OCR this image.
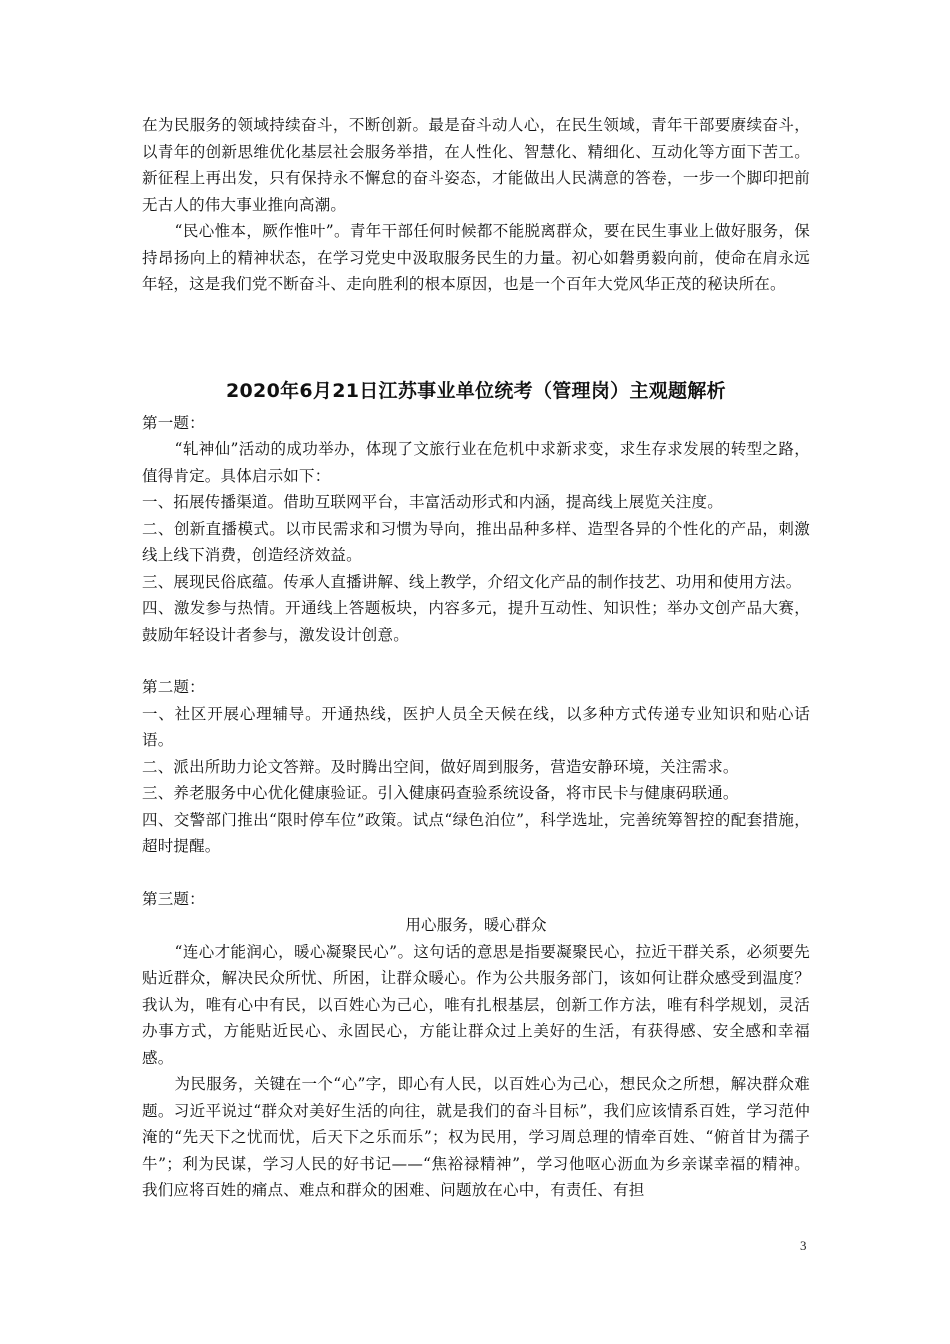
在为民服务的领域持续奋斗，不断创新。最是奋斗动人心，在民生领域，青年干部要赓续奋斗，以青年的创新思维优化基层社会服务举措，在人性化、智慧化、精细化、互动化等方面下苦工。新征程上再出发，只有保持永不懈怠的奋斗姿态，才能做出人民满意的答卷，一步一个脚印把前无古人的伟大事业推向高潮。

“民心惟本，厥作惟叶”。青年干部任何时候都不能脱离群众，要在民生事业上做好服务，保持昂扬向上的精神状态，在学习党史中汲取服务民生的力量。初心如磐勇毅向前，使命在肩永远年轻，这是我们党不断奋斗、走向胜利的根本原因，也是一个百年大党风华正茂的秘诀所在。

2020年6月21日江苏事业单位统考（管理岗）主观题解析

第一题：

“轧神仙”活动的成功举办，体现了文旅行业在危机中求新求变，求生存求发展的转型之路，值得肯定。具体启示如下：

一、拓展传播渠道。借助互联网平台，丰富活动形式和内涵，提高线上展览关注度。

二、创新直播模式。以市民需求和习惯为导向，推出品种多样、造型各异的个性化的产品，刺激线上线下消费，创造经济效益。

三、展现民俗底蕴。传承人直播讲解、线上教学，介绍文化产品的制作技艺、功用和使用方法。

四、激发参与热情。开通线上答题板块，内容多元，提升互动性、知识性；举办文创产品大赛，鼓励年轻设计者参与，激发设计创意。

第二题：

一、社区开展心理辅导。开通热线，医护人员全天候在线，以多种方式传递专业知识和贴心话语。

二、派出所助力论文答辩。及时腾出空间，做好周到服务，营造安静环境，关注需求。

三、养老服务中心优化健康验证。引入健康码查验系统设备，将市民卡与健康码联通。

四、交警部门推出“限时停车位”政策。试点“绿色泊位”，科学选址，完善统筹智控的配套措施，超时提醒。

第三题：

用心服务，暖心群众

“连心才能润心，暖心凝聚民心”。这句话的意思是指要凝聚民心，拉近干群关系，必须要先贴近群众，解决民众所忧、所困，让群众暖心。作为公共服务部门，该如何让群众感受到温度？我认为，唯有心中有民，以百姓心为己心，唯有扎根基层，创新工作方法，唯有科学规划，灵活办事方式，方能贴近民心、永固民心，方能让群众过上美好的生活，有获得感、安全感和幸福感。

为民服务，关键在一个“心”字，即心有人民，以百姓心为己心，想民众之所想，解决群众难题。习近平说过“群众对美好生活的向往，就是我们的奋斗目标”，我们应该情系百姓，学习范仲淹的“先天下之忧而忧，后天下之乐而乐”；权为民用，学习周总理的情牵百姓、“俯首甘为孺子牛”；利为民谋，学习人民的好书记——“焦裕禄精神”，学习他呕心沥血为乡亲谋幸福的精神。我们应将百姓的痛点、难点和群众的困难、问题放在心中，有责任、有担

3
